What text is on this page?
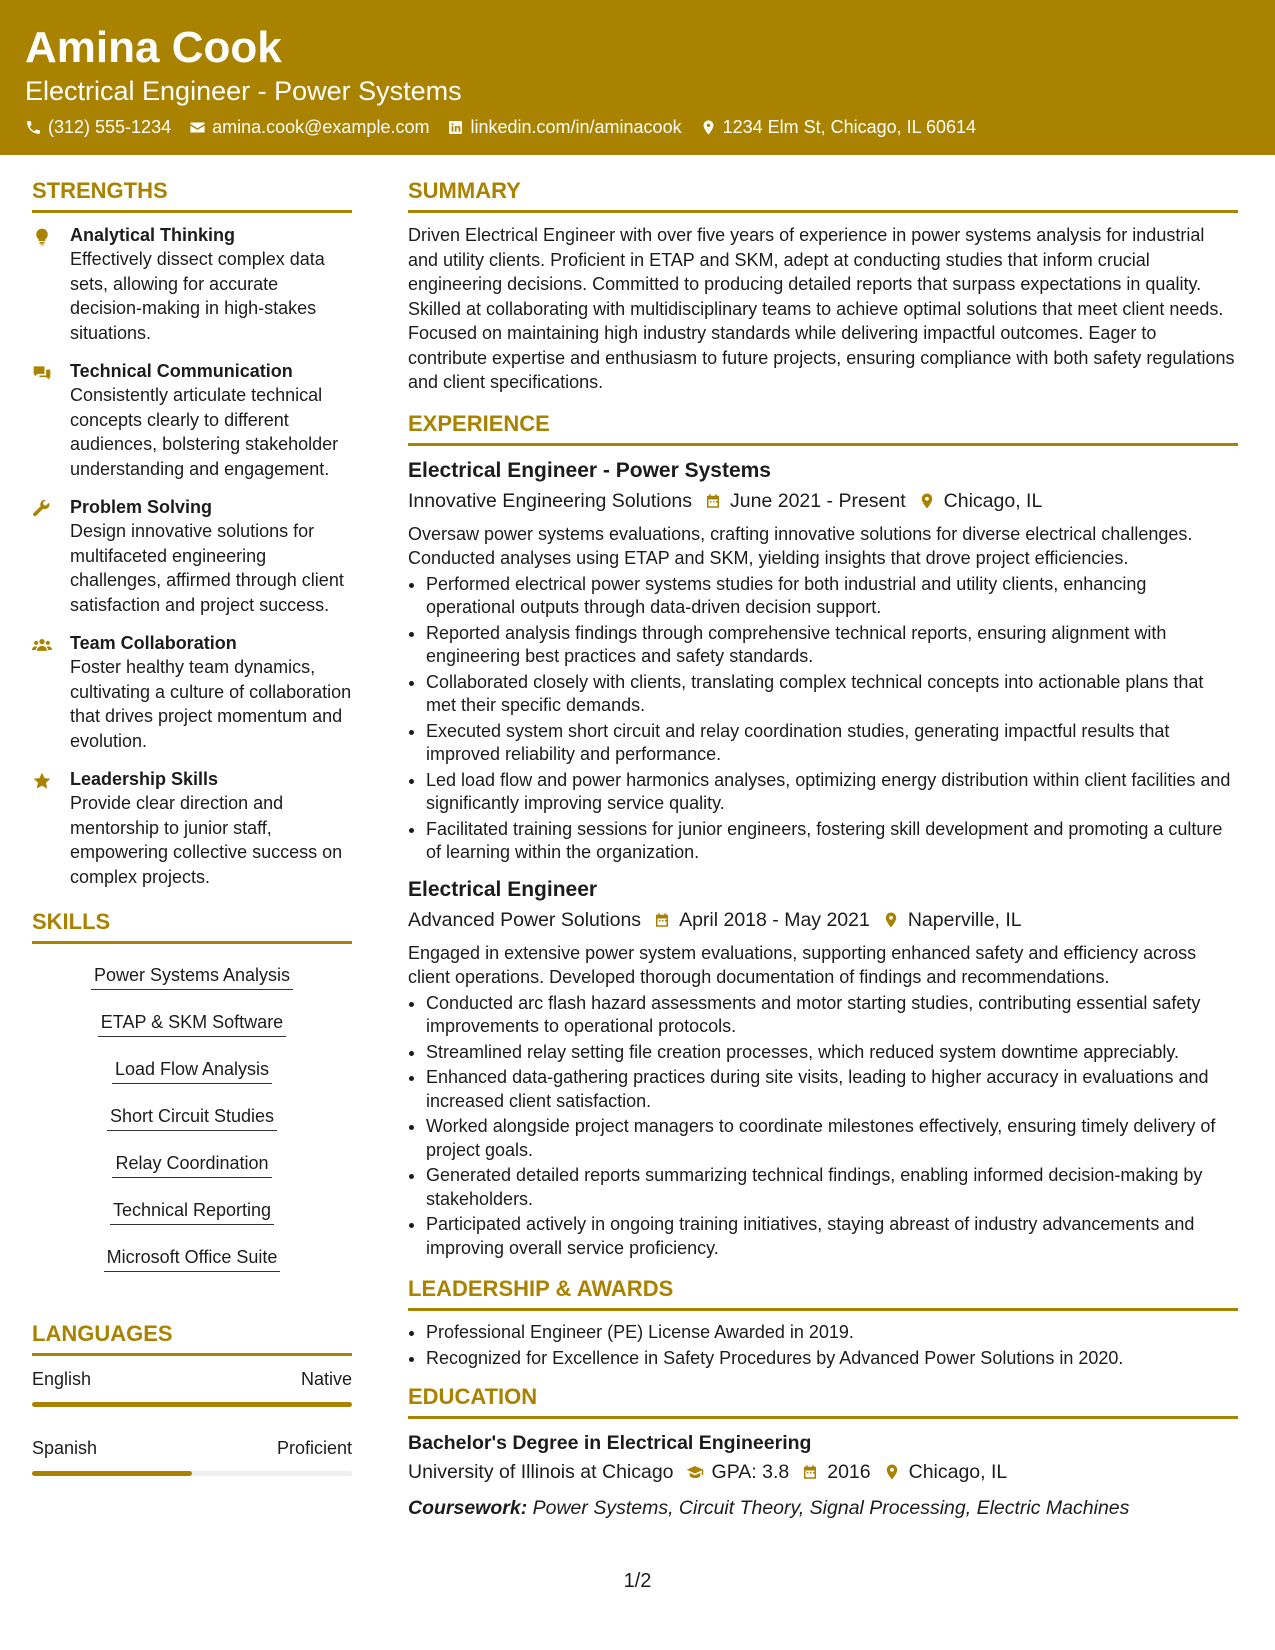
Amina Cook
Electrical Engineer - Power Systems
(312) 555-1234 amina.cook@example.com linkedin.com/in/aminacook 1234 Elm St, Chicago, IL 60614
STRENGTHS
Analytical Thinking
Effectively dissect complex data sets, allowing for accurate decision-making in high-stakes situations.
Technical Communication
Consistently articulate technical concepts clearly to different audiences, bolstering stakeholder understanding and engagement.
Problem Solving
Design innovative solutions for multifaceted engineering challenges, affirmed through client satisfaction and project success.
Team Collaboration
Foster healthy team dynamics, cultivating a culture of collaboration that drives project momentum and evolution.
Leadership Skills
Provide clear direction and mentorship to junior staff, empowering collective success on complex projects.
SKILLS
Power Systems Analysis
ETAP & SKM Software
Load Flow Analysis
Short Circuit Studies
Relay Coordination
Technical Reporting
Microsoft Office Suite
LANGUAGES
English	Native
Spanish	Proficient
SUMMARY
Driven Electrical Engineer with over five years of experience in power systems analysis for industrial and utility clients. Proficient in ETAP and SKM, adept at conducting studies that inform crucial engineering decisions. Committed to producing detailed reports that surpass expectations in quality. Skilled at collaborating with multidisciplinary teams to achieve optimal solutions that meet client needs. Focused on maintaining high industry standards while delivering impactful outcomes. Eager to contribute expertise and enthusiasm to future projects, ensuring compliance with both safety regulations and client specifications.
EXPERIENCE
Electrical Engineer - Power Systems
Innovative Engineering Solutions June 2021 - Present Chicago, IL
Oversaw power systems evaluations, crafting innovative solutions for diverse electrical challenges. Conducted analyses using ETAP and SKM, yielding insights that drove project efficiencies.
• Performed electrical power systems studies for both industrial and utility clients, enhancing operational outputs through data-driven decision support.
• Reported analysis findings through comprehensive technical reports, ensuring alignment with engineering best practices and safety standards.
• Collaborated closely with clients, translating complex technical concepts into actionable plans that met their specific demands.
• Executed system short circuit and relay coordination studies, generating impactful results that improved reliability and performance.
• Led load flow and power harmonics analyses, optimizing energy distribution within client facilities and significantly improving service quality.
• Facilitated training sessions for junior engineers, fostering skill development and promoting a culture of learning within the organization.
Electrical Engineer
Advanced Power Solutions April 2018 - May 2021 Naperville, IL
Engaged in extensive power system evaluations, supporting enhanced safety and efficiency across client operations. Developed thorough documentation of findings and recommendations.
• Conducted arc flash hazard assessments and motor starting studies, contributing essential safety improvements to operational protocols.
• Streamlined relay setting file creation processes, which reduced system downtime appreciably.
• Enhanced data-gathering practices during site visits, leading to higher accuracy in evaluations and increased client satisfaction.
• Worked alongside project managers to coordinate milestones effectively, ensuring timely delivery of project goals.
• Generated detailed reports summarizing technical findings, enabling informed decision-making by stakeholders.
• Participated actively in ongoing training initiatives, staying abreast of industry advancements and improving overall service proficiency.
LEADERSHIP & AWARDS
• Professional Engineer (PE) License Awarded in 2019.
• Recognized for Excellence in Safety Procedures by Advanced Power Solutions in 2020.
EDUCATION
Bachelor's Degree in Electrical Engineering
University of Illinois at Chicago GPA: 3.8 2016 Chicago, IL
Coursework: Power Systems, Circuit Theory, Signal Processing, Electric Machines
1/2
